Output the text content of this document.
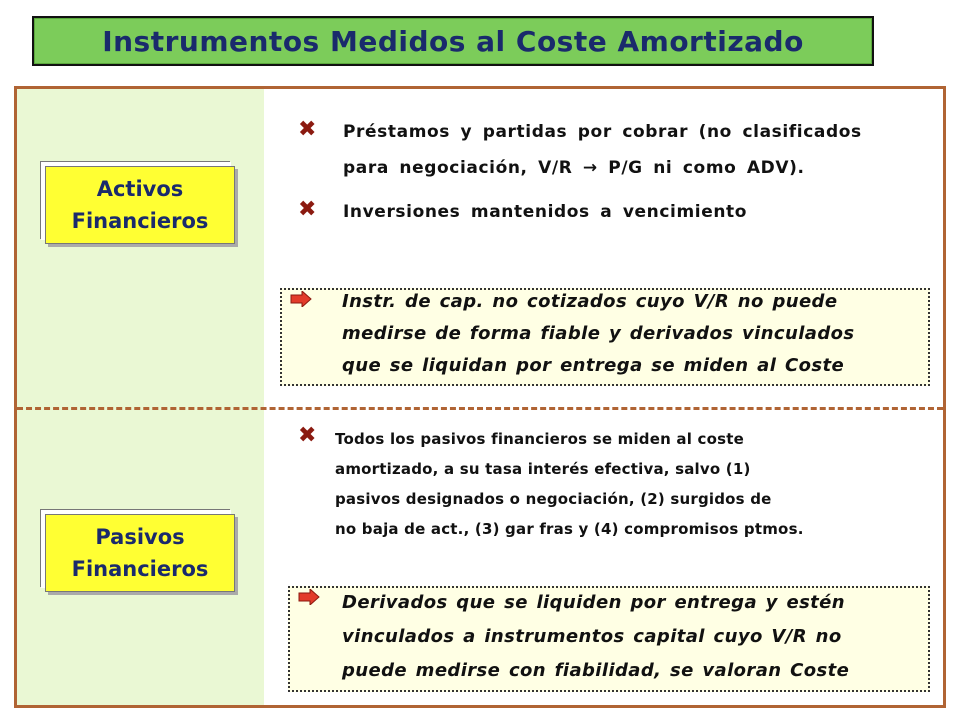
Instrumentos Medidos al Coste Amortizado
Activos
Financieros
Pasivos
Financieros
✖ Préstamos y partidas por cobrar (no clasificados
para negociación, V/R → P/G ni como ADV).
✖ Inversiones mantenidos a vencimiento
Instr. de cap. no cotizados cuyo V/R no puede
medirse de forma fiable y derivados vinculados
que se liquidan por entrega se miden al Coste
✖ Todos los pasivos financieros se miden al coste
amortizado, a su tasa interés efectiva, salvo (1)
pasivos designados o negociación, (2) surgidos de
no baja de act., (3) gar fras y (4) compromisos ptmos.
Derivados que se liquiden por entrega y estén
vinculados a instrumentos capital cuyo V/R no
puede medirse con fiabilidad, se valoran Coste
